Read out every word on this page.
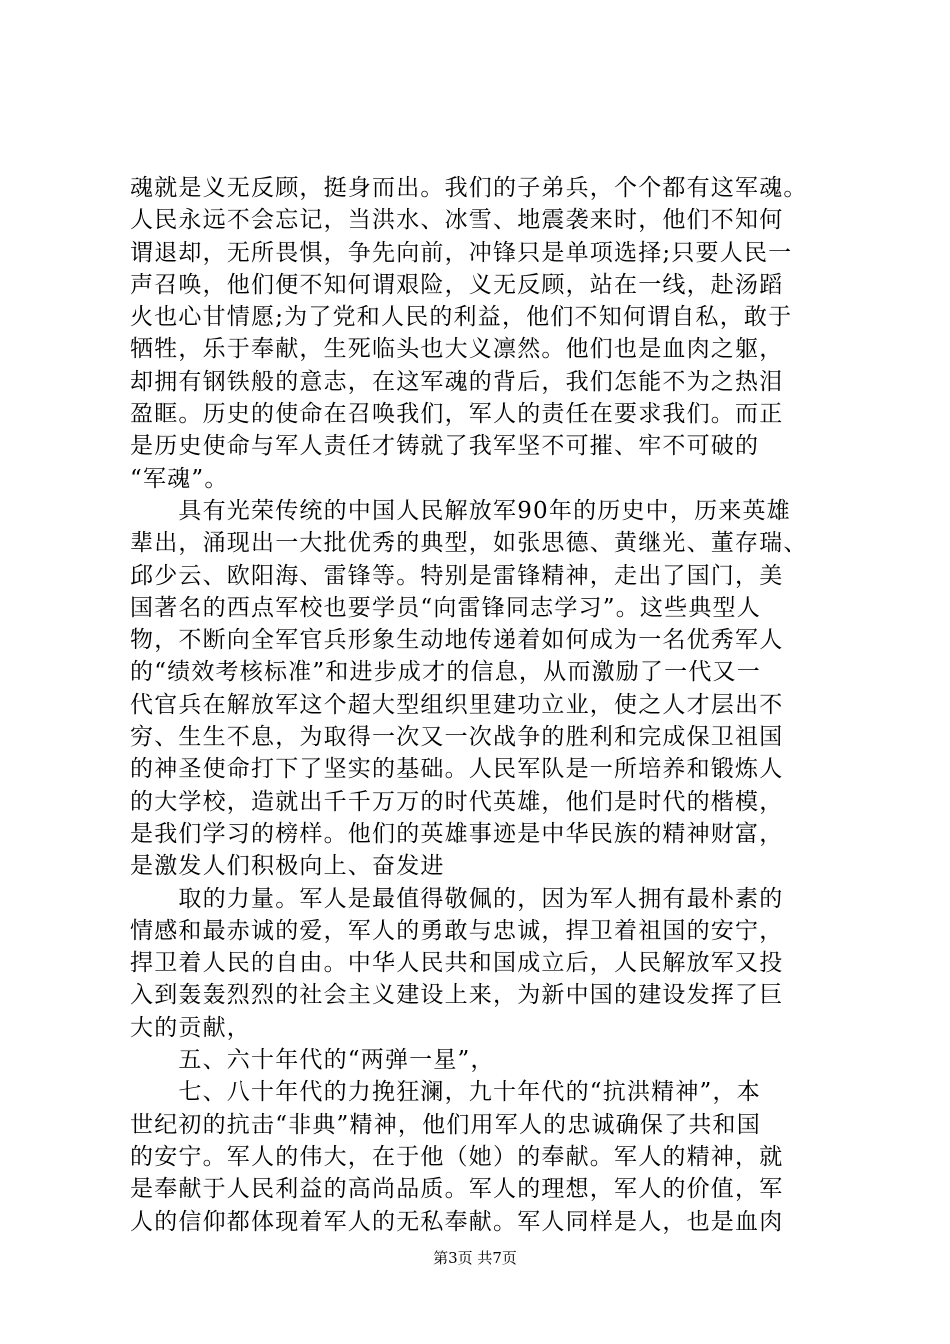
魂就是义无反顾，挺身而出。我们的子弟兵，个个都有这军魂。
人民永远不会忘记，当洪水、冰雪、地震袭来时，他们不知何
谓退却，无所畏惧，争先向前，冲锋只是单项选择;只要人民一
声召唤，他们便不知何谓艰险，义无反顾，站在一线，赴汤蹈
火也心甘情愿;为了党和人民的利益，他们不知何谓自私，敢于
牺牲，乐于奉献，生死临头也大义凛然。他们也是血肉之躯，
却拥有钢铁般的意志，在这军魂的背后，我们怎能不为之热泪
盈眶。历史的使命在召唤我们，军人的责任在要求我们。而正
是历史使命与军人责任才铸就了我军坚不可摧、牢不可破的
“军魂”。
　　具有光荣传统的中国人民解放军90年的历史中，历来英雄
辈出，涌现出一大批优秀的典型，如张思德、黄继光、董存瑞、
邱少云、欧阳海、雷锋等。特别是雷锋精神，走出了国门，美
国著名的西点军校也要学员“向雷锋同志学习”。这些典型人
物，不断向全军官兵形象生动地传递着如何成为一名优秀军人
的“绩效考核标准”和进步成才的信息，从而激励了一代又一
代官兵在解放军这个超大型组织里建功立业，使之人才层出不
穷、生生不息，为取得一次又一次战争的胜利和完成保卫祖国
的神圣使命打下了坚实的基础。人民军队是一所培养和锻炼人
的大学校，造就出千千万万的时代英雄，他们是时代的楷模，
是我们学习的榜样。他们的英雄事迹是中华民族的精神财富，
是激发人们积极向上、奋发进
　　取的力量。军人是最值得敬佩的，因为军人拥有最朴素的
情感和最赤诚的爱，军人的勇敢与忠诚，捍卫着祖国的安宁，
捍卫着人民的自由。中华人民共和国成立后，人民解放军又投
入到轰轰烈烈的社会主义建设上来，为新中国的建设发挥了巨
大的贡献，
　　五、六十年代的“两弹一星”，
　　七、八十年代的力挽狂澜，九十年代的“抗洪精神”，本
世纪初的抗击“非典”精神，他们用军人的忠诚确保了共和国
的安宁。军人的伟大，在于他（她）的奉献。军人的精神，就
是奉献于人民利益的高尚品质。军人的理想，军人的价值，军
人的信仰都体现着军人的无私奉献。军人同样是人，也是血肉
第3页 共7页
